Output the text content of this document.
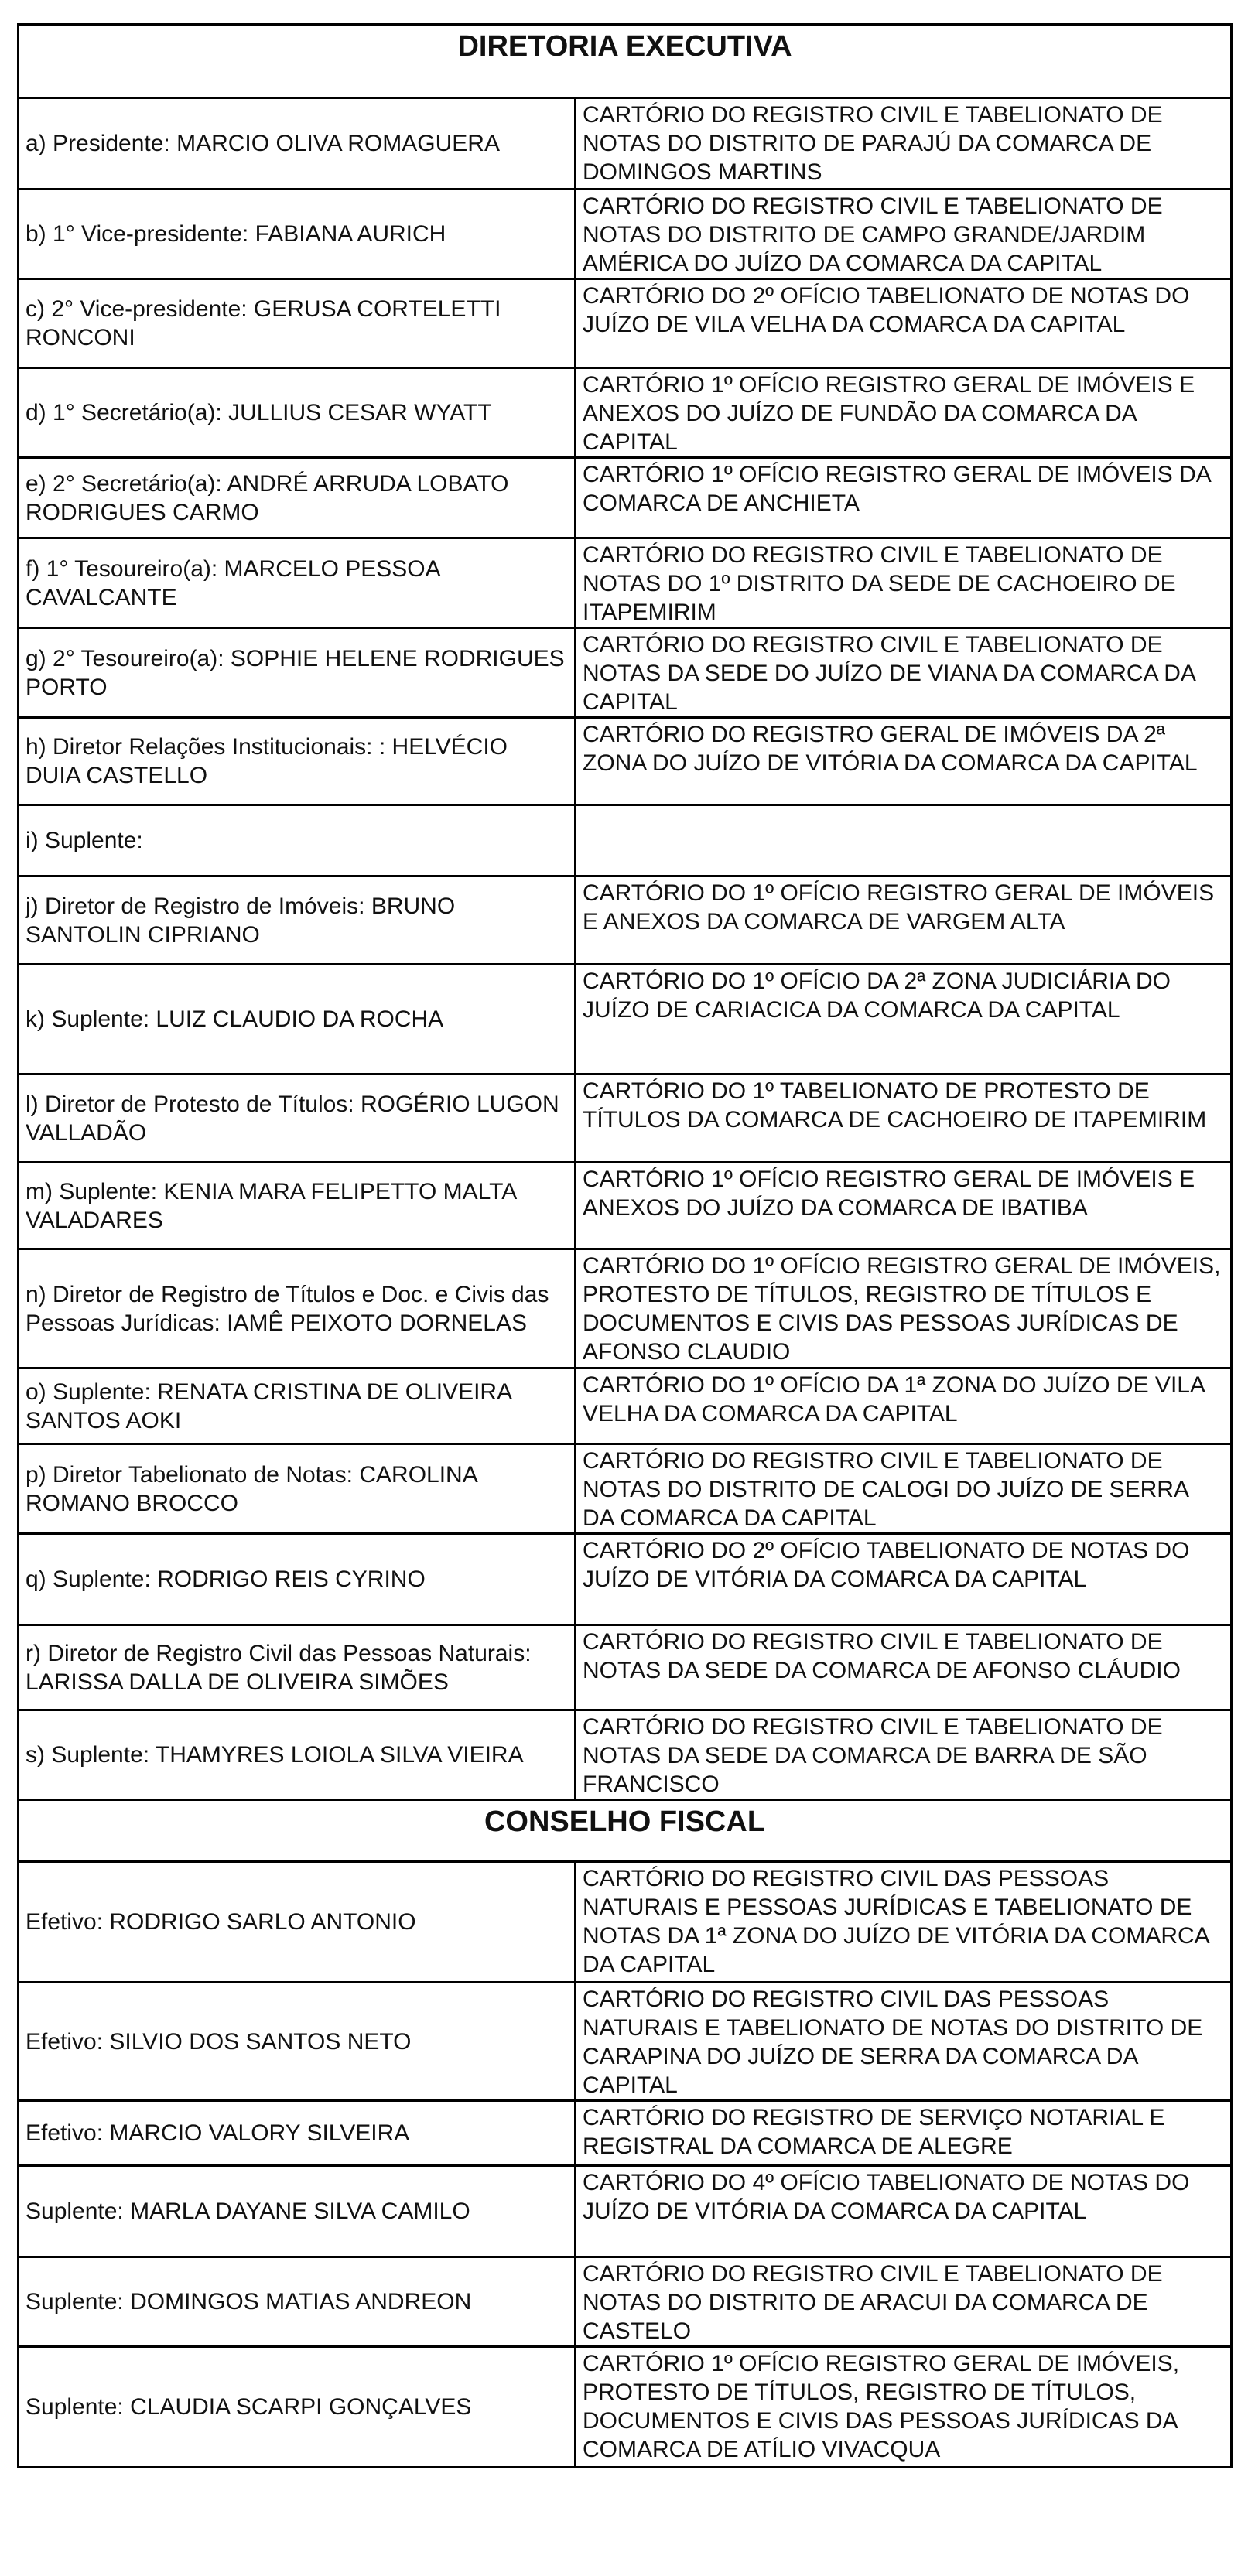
DIRETORIA EXECUTIVA	
a) Presidente: MARCIO OLIVA ROMAGUERA	CARTÓRIO DO REGISTRO CIVIL E TABELIONATO DE NOTAS DO DISTRITO DE PARAJÚ DA COMARCA DE DOMINGOS MARTINS
b) 1° Vice-presidente: FABIANA AURICH	CARTÓRIO DO REGISTRO CIVIL E TABELIONATO DE NOTAS DO DISTRITO DE CAMPO GRANDE/JARDIM AMÉRICA DO JUÍZO DA COMARCA DA CAPITAL
c) 2° Vice-presidente: GERUSA CORTELETTI RONCONI	CARTÓRIO DO 2º OFÍCIO TABELIONATO DE NOTAS DO JUÍZO DE VILA VELHA DA COMARCA DA CAPITAL
d) 1° Secretário(a): JULLIUS CESAR WYATT	CARTÓRIO 1º OFÍCIO REGISTRO GERAL DE IMÓVEIS E ANEXOS DO JUÍZO DE FUNDÃO DA COMARCA DA CAPITAL
e) 2° Secretário(a): ANDRÉ ARRUDA LOBATO RODRIGUES CARMO	CARTÓRIO 1º OFÍCIO REGISTRO GERAL DE IMÓVEIS DA COMARCA DE ANCHIETA
f) 1° Tesoureiro(a): MARCELO PESSOA CAVALCANTE	CARTÓRIO DO REGISTRO CIVIL E TABELIONATO DE NOTAS DO 1º DISTRITO DA SEDE DE CACHOEIRO DE ITAPEMIRIM
g) 2° Tesoureiro(a): SOPHIE HELENE RODRIGUES PORTO	CARTÓRIO DO REGISTRO CIVIL E TABELIONATO DE NOTAS DA SEDE DO JUÍZO DE VIANA DA COMARCA DA CAPITAL
h) Diretor Relações Institucionais: : HELVÉCIO DUIA CASTELLO	CARTÓRIO DO REGISTRO GERAL DE IMÓVEIS DA 2ª ZONA DO JUÍZO DE VITÓRIA DA COMARCA DA CAPITAL
i) Suplente:	
j) Diretor de Registro de Imóveis: BRUNO SANTOLIN CIPRIANO	CARTÓRIO DO 1º OFÍCIO REGISTRO GERAL DE IMÓVEIS E ANEXOS DA COMARCA DE VARGEM ALTA
k) Suplente: LUIZ CLAUDIO DA ROCHA	CARTÓRIO DO 1º OFÍCIO DA 2ª ZONA JUDICIÁRIA DO JUÍZO DE CARIACICA DA COMARCA DA CAPITAL
l) Diretor de Protesto de Títulos: ROGÉRIO LUGON VALLADÃO	CARTÓRIO DO 1º TABELIONATO DE PROTESTO DE TÍTULOS DA COMARCA DE CACHOEIRO DE ITAPEMIRIM
m) Suplente: KENIA MARA FELIPETTO MALTA VALADARES	CARTÓRIO 1º OFÍCIO REGISTRO GERAL DE IMÓVEIS E ANEXOS DO JUÍZO DA COMARCA DE IBATIBA
n) Diretor de Registro de Títulos e Doc. e Civis das Pessoas Jurídicas: IAMÊ PEIXOTO DORNELAS	CARTÓRIO DO 1º OFÍCIO REGISTRO GERAL DE IMÓVEIS, PROTESTO DE TÍTULOS, REGISTRO DE TÍTULOS E DOCUMENTOS E CIVIS DAS PESSOAS JURÍDICAS DE AFONSO CLAUDIO
o) Suplente: RENATA CRISTINA DE OLIVEIRA SANTOS AOKI	CARTÓRIO DO 1º OFÍCIO DA 1ª ZONA DO JUÍZO DE VILA VELHA DA COMARCA DA CAPITAL
p) Diretor Tabelionato de Notas: CAROLINA ROMANO BROCCO	CARTÓRIO DO REGISTRO CIVIL E TABELIONATO DE NOTAS DO DISTRITO DE CALOGI DO JUÍZO DE SERRA DA COMARCA DA CAPITAL
q) Suplente: RODRIGO REIS CYRINO	CARTÓRIO DO 2º OFÍCIO TABELIONATO DE NOTAS DO JUÍZO DE VITÓRIA DA COMARCA DA CAPITAL
r) Diretor de Registro Civil das Pessoas Naturais: LARISSA DALLA DE OLIVEIRA SIMÕES	CARTÓRIO DO REGISTRO CIVIL E TABELIONATO DE NOTAS DA SEDE DA COMARCA DE AFONSO CLÁUDIO
s) Suplente: THAMYRES LOIOLA SILVA VIEIRA	CARTÓRIO DO REGISTRO CIVIL E TABELIONATO DE NOTAS DA SEDE DA COMARCA DE BARRA DE SÃO FRANCISCO
CONSELHO FISCAL	
Efetivo: RODRIGO SARLO ANTONIO	CARTÓRIO DO REGISTRO CIVIL DAS PESSOAS NATURAIS E PESSOAS JURÍDICAS E TABELIONATO DE NOTAS DA 1ª ZONA DO JUÍZO DE VITÓRIA DA COMARCA DA CAPITAL
Efetivo: SILVIO DOS SANTOS NETO	CARTÓRIO DO REGISTRO CIVIL DAS PESSOAS NATURAIS E TABELIONATO DE NOTAS DO DISTRITO DE CARAPINA DO JUÍZO DE SERRA DA COMARCA DA CAPITAL
Efetivo: MARCIO VALORY SILVEIRA	CARTÓRIO DO REGISTRO DE SERVIÇO NOTARIAL E REGISTRAL DA COMARCA DE ALEGRE
Suplente: MARLA DAYANE SILVA CAMILO	CARTÓRIO DO 4º OFÍCIO TABELIONATO DE NOTAS DO JUÍZO DE VITÓRIA DA COMARCA DA CAPITAL
Suplente: DOMINGOS MATIAS ANDREON	CARTÓRIO DO REGISTRO CIVIL E TABELIONATO DE NOTAS DO DISTRITO DE ARACUI DA COMARCA DE CASTELO
Suplente: CLAUDIA SCARPI GONÇALVES	CARTÓRIO 1º OFÍCIO REGISTRO GERAL DE IMÓVEIS, PROTESTO DE TÍTULOS, REGISTRO DE TÍTULOS, DOCUMENTOS E CIVIS DAS PESSOAS JURÍDICAS DA COMARCA DE ATÍLIO VIVACQUA
